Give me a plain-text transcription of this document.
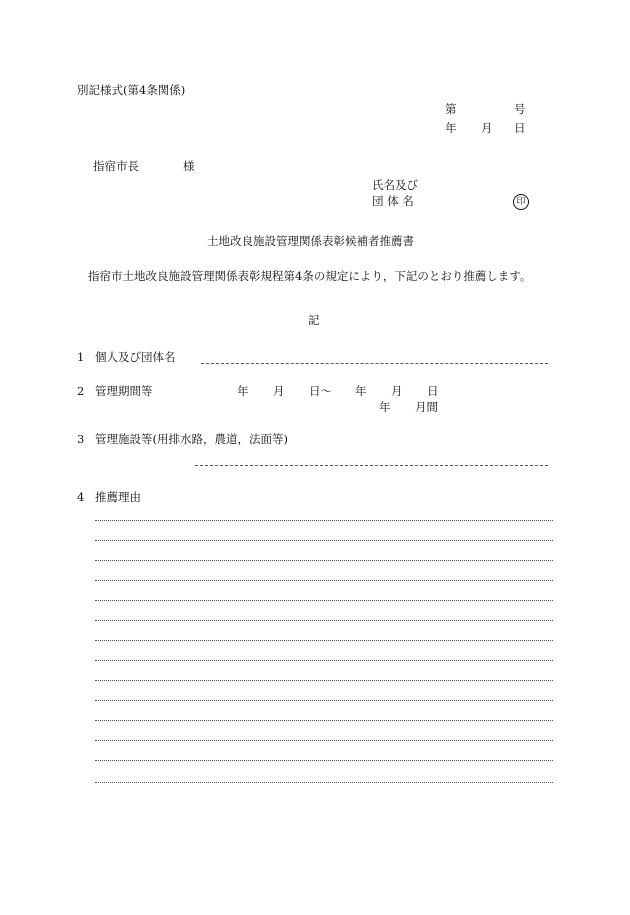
別記様式(第4条関係)
第	号
年 月 日
指宿市長	様
氏名及び
団 体 名	印
土地改良施設管理関係表彰候補者推薦書
指宿市土地改良施設管理関係表彰規程第4条の規定により，下記のとおり推薦します。
記
1 個人及び団体名
2 管理期間等	年 月 日〜 年 月 日
年 月間
3 管理施設等(用排水路，農道，法面等)
4 推薦理由
